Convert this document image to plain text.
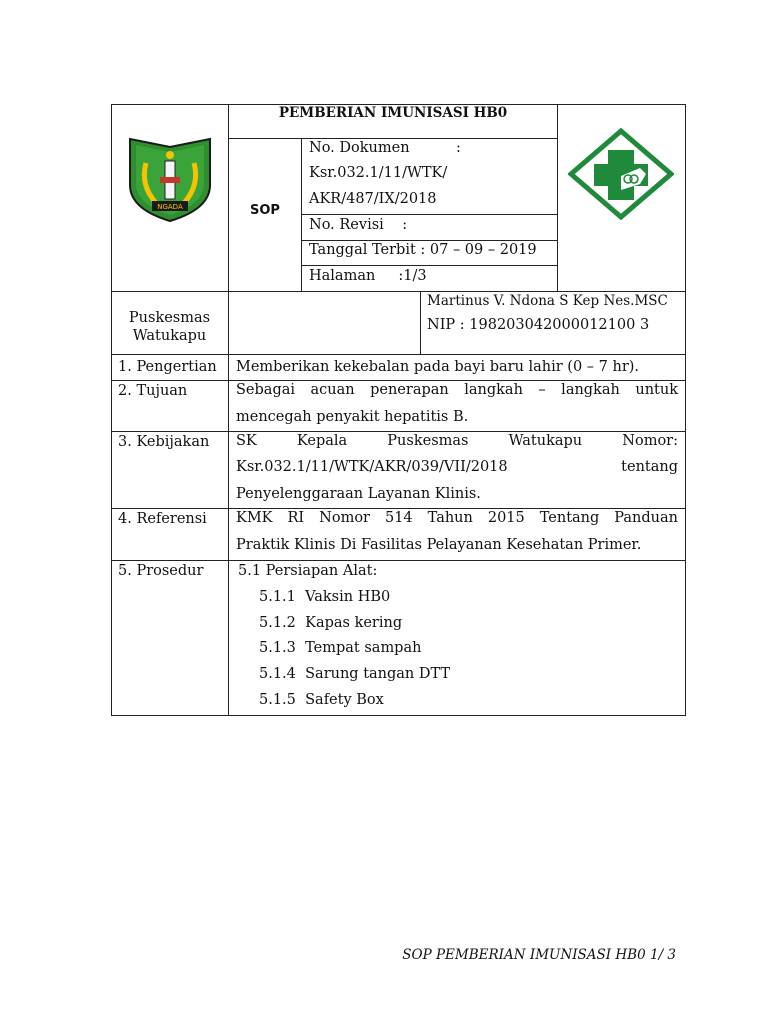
NGADA
PEMBERIAN IMUNISASI HB0
SOP
No. Dokumen	:
Ksr.032.1/11/WTK/
AKR/487/IX/2018
No. Revisi    :
Tanggal Terbit : 07 – 09 – 2019
Halaman     :1/3
Puskesmas
Watukapu
Martinus V. Ndona S Kep Nes.MSC
NIP : 198203042000012100 3
1. Pengertian Memberikan kekebalan pada bayi baru lahir (0 – 7 hr).
2. Tujuan	Sebagai acuan penerapan langkah – langkah untuk
mencegah penyakit hepatitis B.
3. Kebijakan SK Kepala Puskesmas Watukapu Nomor:
Ksr.032.1/11/WTK/AKR/039/VII/2018 tentang
Penyelenggaraan Layanan Klinis.
4. Referensi KMK RI Nomor 514 Tahun 2015 Tentang Panduan
Praktik Klinis Di Fasilitas Pelayanan Kesehatan Primer.
5. Prosedur 5.1 Persiapan Alat:
5.1.1  Vaksin HB0
5.1.2  Kapas kering
5.1.3  Tempat sampah
5.1.4  Sarung tangan DTT
5.1.5  Safety Box
SOP PEMBERIAN IMUNISASI HB0 1/ 3
